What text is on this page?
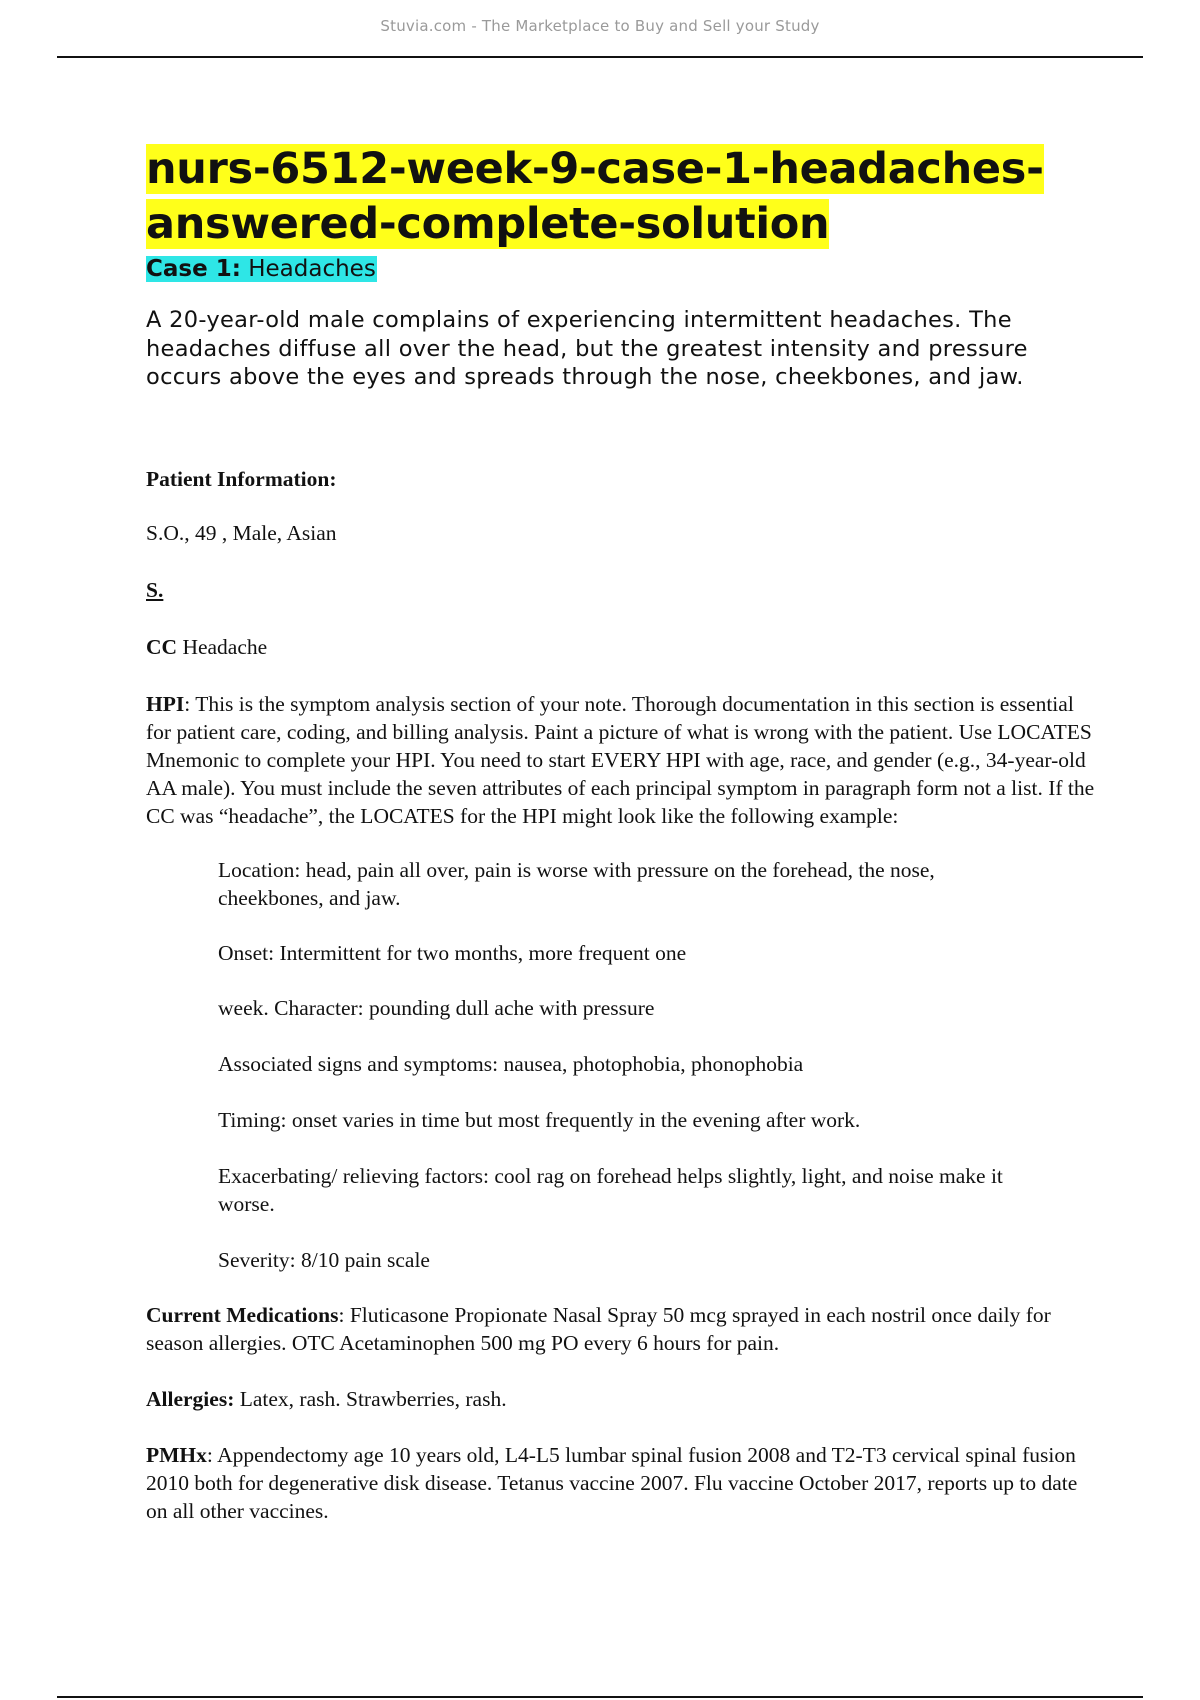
Stuvia.com - The Marketplace to Buy and Sell your Study
nurs-6512-week-9-case-1-headaches-
answered-complete-solution
Case 1: Headaches

A 20-year-old male complains of experiencing intermittent headaches. The headaches diffuse all over the head, but the greatest intensity and pressure occurs above the eyes and spreads through the nose, cheekbones, and jaw.

Patient Information:

S.O., 49 , Male, Asian

S.

CC Headache

HPI: This is the symptom analysis section of your note. Thorough documentation in this section is essential for patient care, coding, and billing analysis. Paint a picture of what is wrong with the patient. Use LOCATES Mnemonic to complete your HPI. You need to start EVERY HPI with age, race, and gender (e.g., 34-year-old AA male). You must include the seven attributes of each principal symptom in paragraph form not a list. If the CC was “headache”, the LOCATES for the HPI might look like the following example:

Location: head, pain all over, pain is worse with pressure on the forehead, the nose, cheekbones, and jaw.

Onset: Intermittent for two months, more frequent one

week. Character: pounding dull ache with pressure

Associated signs and symptoms: nausea, photophobia, phonophobia

Timing: onset varies in time but most frequently in the evening after work.

Exacerbating/ relieving factors: cool rag on forehead helps slightly, light, and noise make it worse.

Severity: 8/10 pain scale

Current Medications: Fluticasone Propionate Nasal Spray 50 mcg sprayed in each nostril once daily for season allergies. OTC Acetaminophen 500 mg PO every 6 hours for pain.

Allergies: Latex, rash. Strawberries, rash.

PMHx: Appendectomy age 10 years old, L4-L5 lumbar spinal fusion 2008 and T2-T3 cervical spinal fusion 2010 both for degenerative disk disease. Tetanus vaccine 2007. Flu vaccine October 2017, reports up to date on all other vaccines.
